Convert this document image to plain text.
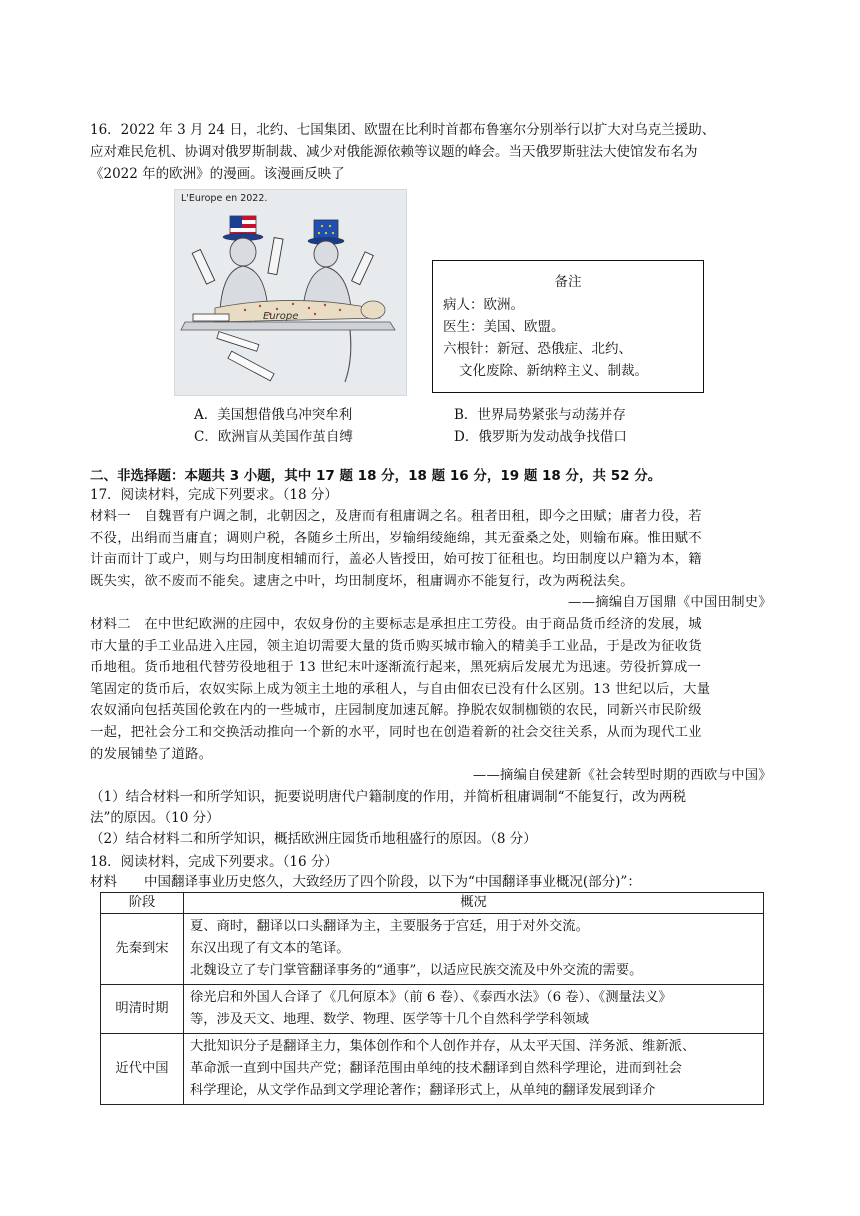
16．2022 年 3 月 24 日，北约、七国集团、欧盟在比利时首都布鲁塞尔分别举行以扩大对乌克兰援助、

应对难民危机、协调对俄罗斯制裁、减少对俄能源依赖等议题的峰会。当天俄罗斯驻法大使馆发布名为

《2022 年的欧洲》的漫画。该漫画反映了

L'Europe en 2022.
Europe
备注
病人：欧洲。
医生：美国、欧盟。
六根针：新冠、恐俄症、北约、
文化废除、新纳粹主义、制裁。
A．美国想借俄乌冲突牟利	B．世界局势紧张与动荡并存
C．欧洲盲从美国作茧自缚	D．俄罗斯为发动战争找借口
二、非选择题：本题共 3 小题，其中 17 题 18 分，18 题 16 分，19 题 18 分，共 52 分。

17．阅读材料，完成下列要求。（18 分）

材料一　自魏晋有户调之制，北朝因之，及唐而有租庸调之名。租者田租，即今之田赋；庸者力役，若

不役，出绢而当庸直；调则户税，各随乡土所出，岁输绢绫絁绵，其无蚕桑之处，则输布麻。惟田赋不

计亩而计丁或户，则与均田制度相辅而行，盖必人皆授田，始可按丁征租也。均田制度以户籍为本，籍

既失实，欲不废而不能矣。逮唐之中叶，均田制度坏，租庸调亦不能复行，改为两税法矣。

——摘编自万国鼎《中国田制史》

材料二　在中世纪欧洲的庄园中，农奴身份的主要标志是承担庄工劳役。由于商品货币经济的发展，城

市大量的手工业品进入庄园，领主迫切需要大量的货币购买城市输入的精美手工业品，于是改为征收货

币地租。货币地租代替劳役地租于 13 世纪末叶逐渐流行起来，黑死病后发展尤为迅速。劳役折算成一

笔固定的货币后，农奴实际上成为领主土地的承租人，与自由佃农已没有什么区别。13 世纪以后，大量

农奴涌向包括英国伦敦在内的一些城市，庄园制度加速瓦解。挣脱农奴制枷锁的农民，同新兴市民阶级

一起，把社会分工和交换活动推向一个新的水平，同时也在创造着新的社会交往关系，从而为现代工业

的发展铺垫了道路。

——摘编自侯建新《社会转型时期的西欧与中国》

（1）结合材料一和所学知识，扼要说明唐代户籍制度的作用，并简析租庸调制“不能复行，改为两税

法”的原因。（10 分）

（2）结合材料二和所学知识，概括欧洲庄园货币地租盛行的原因。（8 分）

18．阅读材料，完成下列要求。（16 分）

材料　　中国翻译事业历史悠久，大致经历了四个阶段，以下为“中国翻译事业概况(部分)”：

阶段	概况
先秦到宋	夏、商时，翻译以口头翻译为主，主要服务于宫廷，用于对外交流。
东汉出现了有文本的笔译。
北魏设立了专门掌管翻译事务的“通事”，以适应民族交流及中外交流的需要。

明清时期	徐光启和外国人合译了《几何原本》（前 6 卷）、《泰西水法》（6 卷）、《测量法义》
等，涉及天文、地理、数学、物理、医学等十几个自然科学学科领域

近代中国	大批知识分子是翻译主力，集体创作和个人创作并存，从太平天国、洋务派、维新派、
革命派一直到中国共产党；翻译范围由单纯的技术翻译到自然科学理论，进而到社会
科学理论，从文学作品到文学理论著作；翻译形式上，从单纯的翻译发展到译介
